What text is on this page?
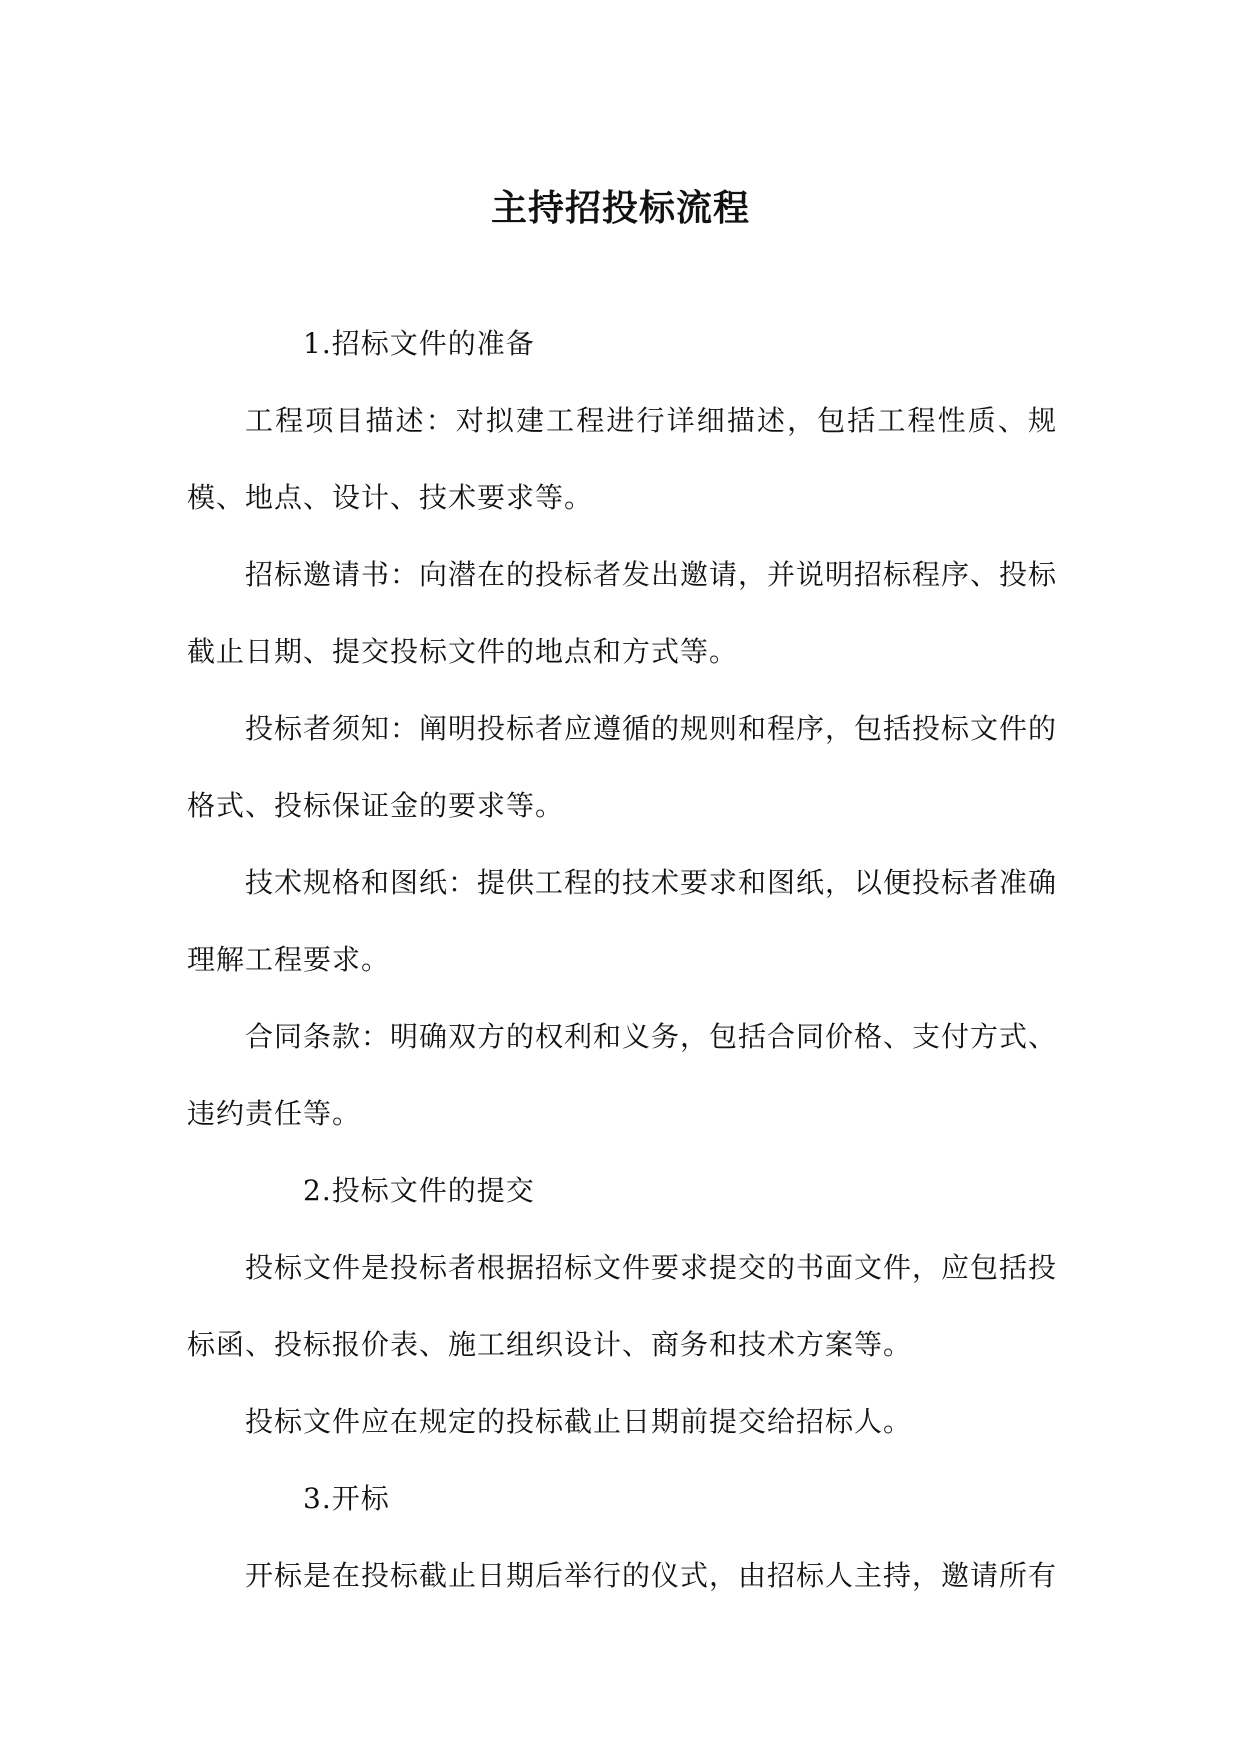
主持招投标流程

1.招标文件的准备

工程项目描述：对拟建工程进行详细描述，包括工程性质、规模、地点、设计、技术要求等。

招标邀请书：向潜在的投标者发出邀请，并说明招标程序、投标截止日期、提交投标文件的地点和方式等。

投标者须知：阐明投标者应遵循的规则和程序，包括投标文件的格式、投标保证金的要求等。

技术规格和图纸：提供工程的技术要求和图纸，以便投标者准确理解工程要求。

合同条款：明确双方的权利和义务，包括合同价格、支付方式、违约责任等。

2.投标文件的提交

投标文件是投标者根据招标文件要求提交的书面文件，应包括投标函、投标报价表、施工组织设计、商务和技术方案等。

投标文件应在规定的投标截止日期前提交给招标人。

3.开标

开标是在投标截止日期后举行的仪式，由招标人主持，邀请所有
